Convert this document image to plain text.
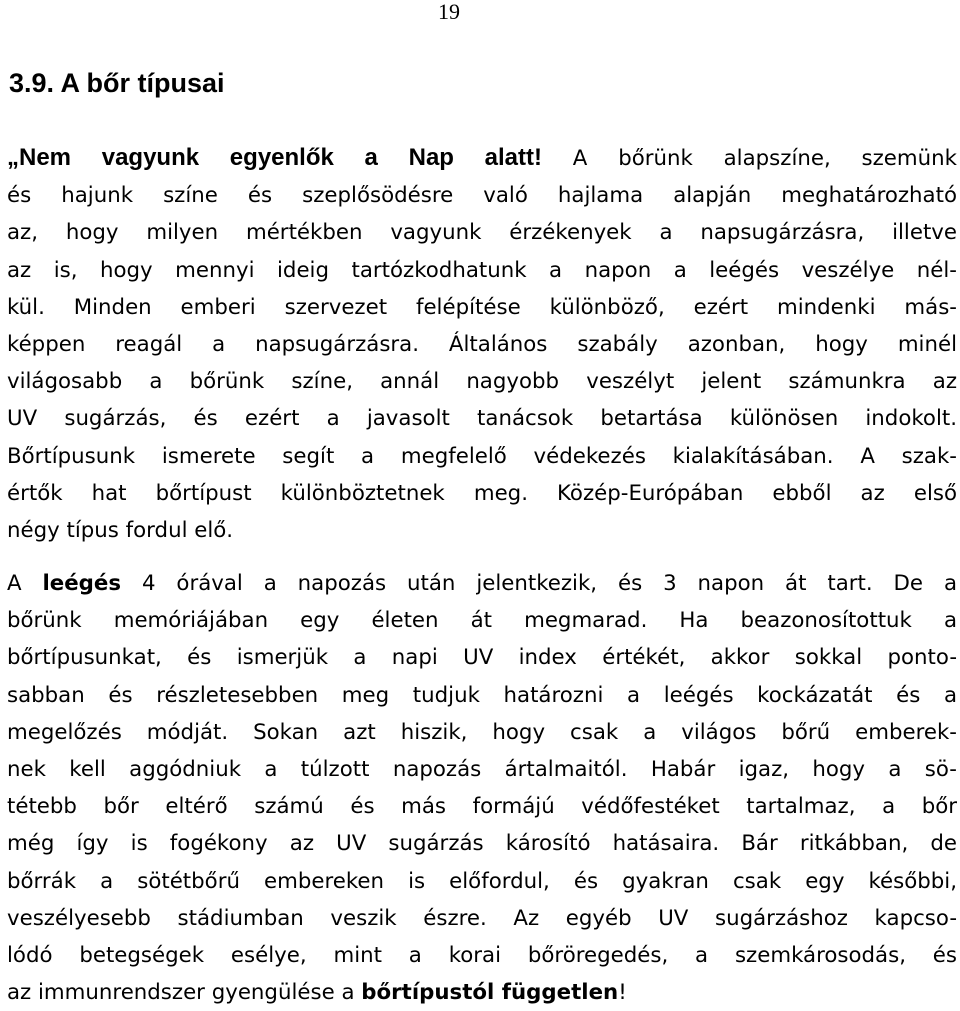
19
3.9. A bőr típusai
„Nem vagyunk egyenlők a Nap alatt! A bőrünk alapszíne, szemünk
és hajunk színe és szeplősödésre való hajlama alapján meghatározható
az, hogy milyen mértékben vagyunk érzékenyek a napsugárzásra, illetve
az is, hogy mennyi ideig tartózkodhatunk a napon a leégés veszélye nél-
kül. Minden emberi szervezet felépítése különböző, ezért mindenki más-
képpen reagál a napsugárzásra. Általános szabály azonban, hogy minél
világosabb a bőrünk színe, annál nagyobb veszélyt jelent számunkra az
UV sugárzás, és ezért a javasolt tanácsok betartása különösen indokolt.
Bőrtípusunk ismerete segít a megfelelő védekezés kialakításában. A szak-
értők hat bőrtípust különböztetnek meg. Közép-Európában ebből az első
négy típus fordul elő.
A leégés 4 órával a napozás után jelentkezik, és 3 napon át tart. De a
bőrünk memóriájában egy életen át megmarad. Ha beazonosítottuk a
bőrtípusunkat, és ismerjük a napi UV index értékét, akkor sokkal ponto-
sabban és részletesebben meg tudjuk határozni a leégés kockázatát és a
megelőzés módját. Sokan azt hiszik, hogy csak a világos bőrű emberek-
nek kell aggódniuk a túlzott napozás ártalmaitól. Habár igaz, hogy a sö-
tétebb bőr eltérő számú és más formájú védőfestéket tartalmaz, a bőr
még így is fogékony az UV sugárzás károsító hatásaira. Bár ritkábban, de
bőrrák a sötétbőrű embereken is előfordul, és gyakran csak egy későbbi,
veszélyesebb stádiumban veszik észre. Az egyéb UV sugárzáshoz kapcso-
lódó betegségek esélye, mint a korai bőröregedés, a szemkárosodás, és
az immunrendszer gyengülése a bőrtípustól független!
